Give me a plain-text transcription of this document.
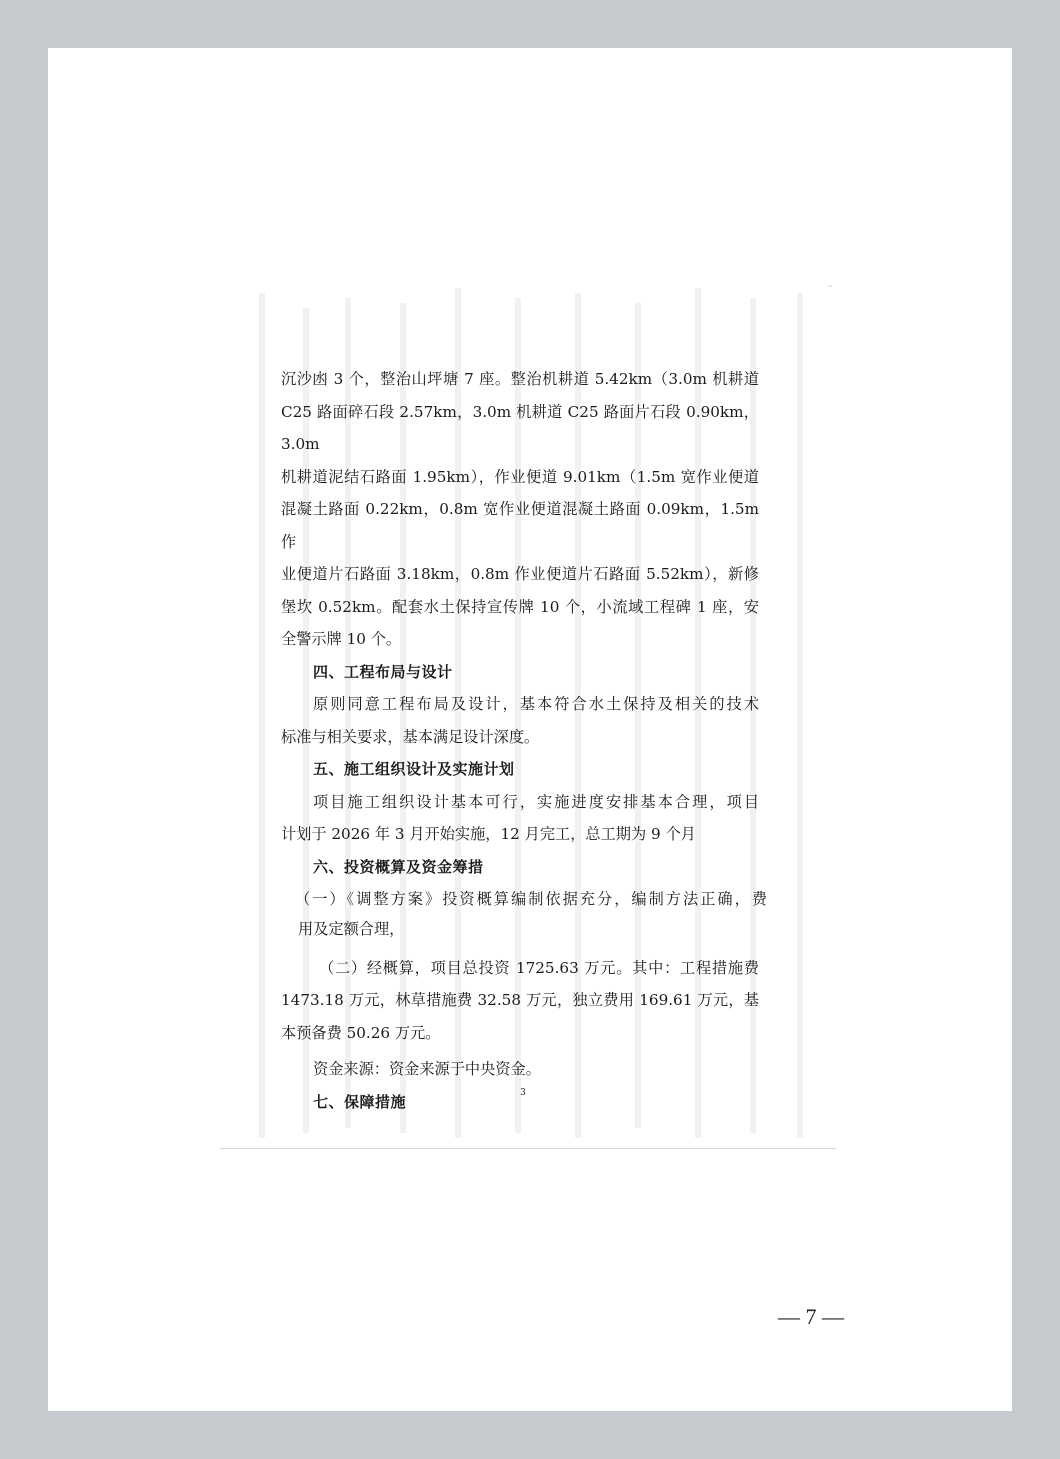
沉沙凼 3 个，整治山坪塘 7 座。整治机耕道 5.42km（3.0m 机耕道
C25 路面碎石段 2.57km，3.0m 机耕道 C25 路面片石段 0.90km，3.0m
机耕道泥结石路面 1.95km），作业便道 9.01km（1.5m 宽作业便道
混凝土路面 0.22km，0.8m 宽作业便道混凝土路面 0.09km，1.5m 作
业便道片石路面 3.18km，0.8m 作业便道片石路面 5.52km），新修
堡坎 0.52km。配套水土保持宣传牌 10 个，小流域工程碑 1 座，安
全警示牌 10 个。
四、工程布局与设计
原则同意工程布局及设计，基本符合水土保持及相关的技术
标准与相关要求，基本满足设计深度。
五、施工组织设计及实施计划
项目施工组织设计基本可行，实施进度安排基本合理，项目
计划于 2026 年 3 月开始实施，12 月完工，总工期为 9 个月
六、投资概算及资金筹措
（一）《调整方案》投资概算编制依据充分，编制方法正确，费
用及定额合理，
（二）经概算，项目总投资 1725.63 万元。其中：工程措施费
1473.18 万元，林草措施费 32.58 万元，独立费用 169.61 万元，基
本预备费 50.26 万元。
资金来源：资金来源于中央资金。
七、保障措施	3
— 7 —
